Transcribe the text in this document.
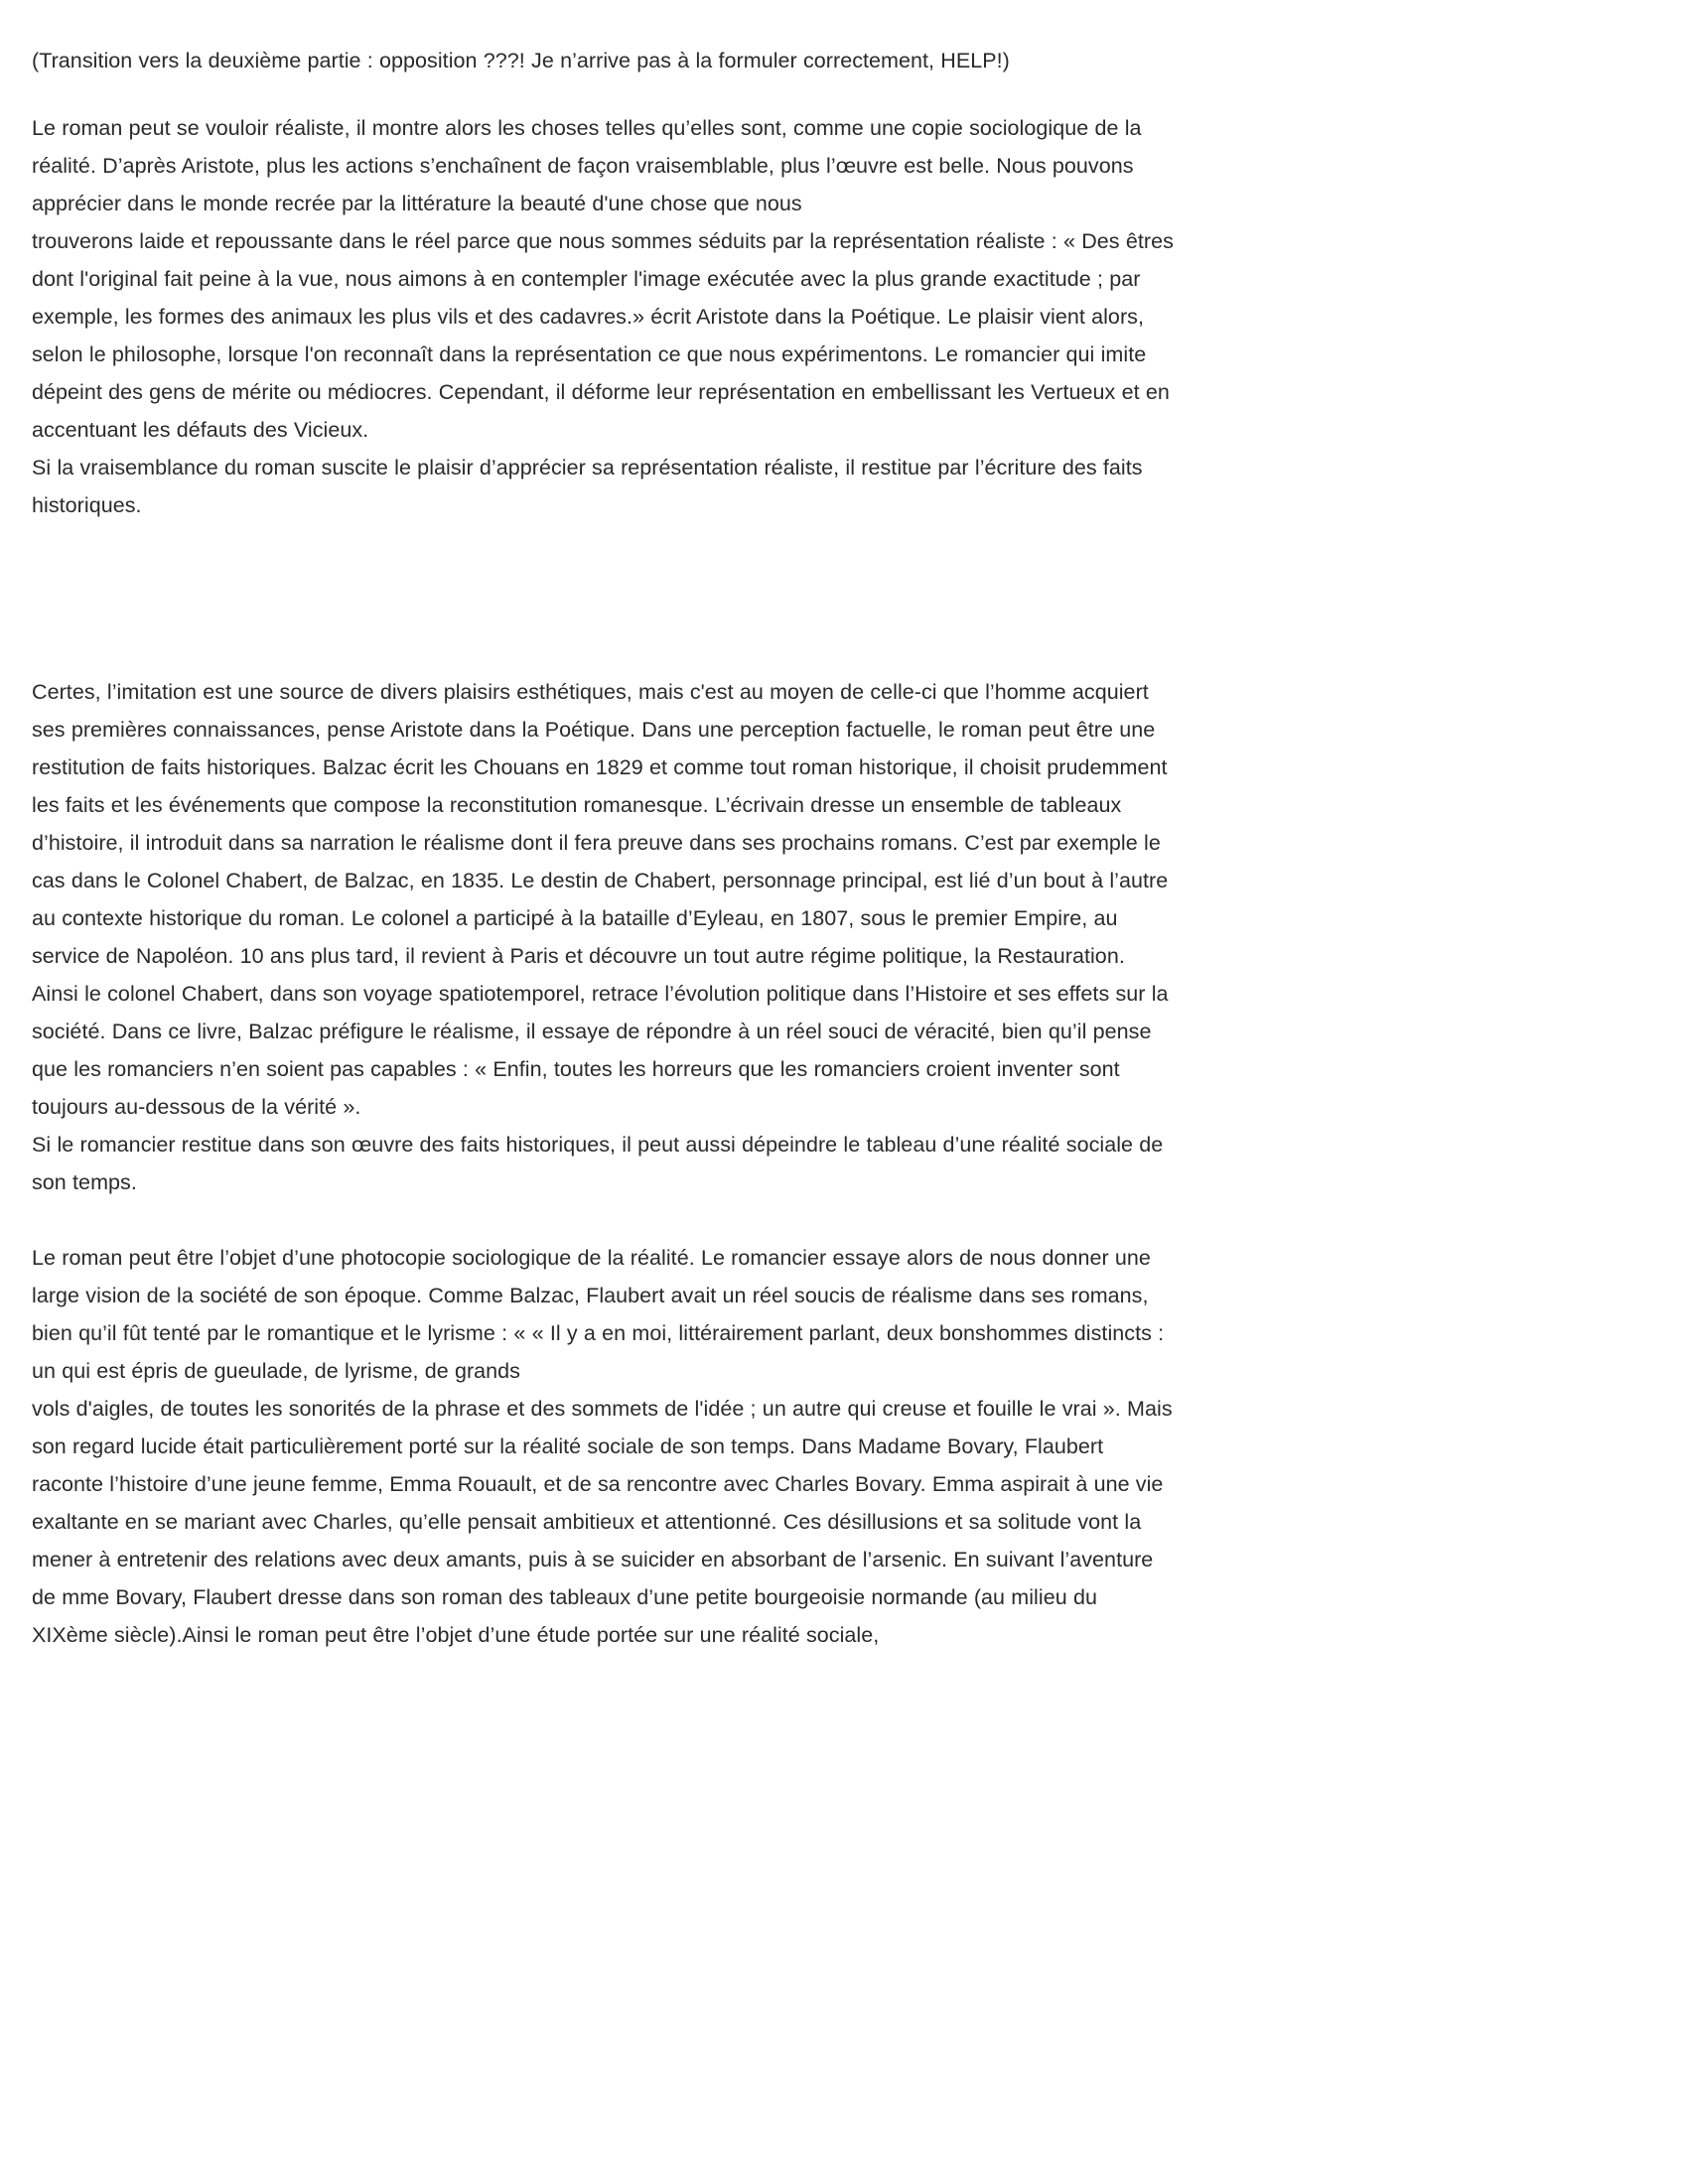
(Transition vers la deuxième partie : opposition ???! Je n’arrive pas à la formuler correctement, HELP!)

Le roman peut se vouloir réaliste, il montre alors les choses telles qu’elles sont, comme une copie sociologique de la réalité. D’après Aristote, plus les actions s’enchaînent de façon vraisemblable, plus l’œuvre est belle. Nous pouvons apprécier dans le monde recrée par la littérature la beauté d'une chose que nous

trouverons laide et repoussante dans le réel parce que nous sommes séduits par la représentation réaliste : « Des êtres dont l'original fait peine à la vue, nous aimons à en contempler l'image exécutée avec la plus grande exactitude ; par exemple, les formes des animaux les plus vils et des cadavres.» écrit Aristote dans la Poétique. Le plaisir vient alors, selon le philosophe, lorsque l'on reconnaît dans la représentation ce que nous expérimentons. Le romancier qui imite dépeint des gens de mérite ou médiocres. Cependant, il déforme leur représentation en embellissant les Vertueux et en accentuant les défauts des Vicieux.

Si la vraisemblance du roman suscite le plaisir d’apprécier sa représentation réaliste, il restitue par l’écriture des faits historiques.

Certes, l’imitation est une source de divers plaisirs esthétiques, mais c'est au moyen de celle-ci que l’homme acquiert ses premières connaissances, pense Aristote dans la Poétique. Dans une perception factuelle, le roman peut être une restitution de faits historiques. Balzac écrit les Chouans en 1829 et comme tout roman historique, il choisit prudemment les faits et les événements que compose la reconstitution romanesque. L’écrivain dresse un ensemble de tableaux d’histoire, il introduit dans sa narration le réalisme dont il fera preuve dans ses prochains romans. C’est par exemple le cas dans le Colonel Chabert, de Balzac, en 1835. Le destin de Chabert, personnage principal, est lié d’un bout à l’autre au contexte historique du roman. Le colonel a participé à la bataille d’Eyleau, en 1807, sous le premier Empire, au service de Napoléon. 10 ans plus tard, il revient à Paris et découvre un tout autre régime politique, la Restauration. Ainsi le colonel Chabert, dans son voyage spatiotemporel, retrace l’évolution politique dans l’Histoire et ses effets sur la société. Dans ce livre, Balzac préfigure le réalisme, il essaye de répondre à un réel souci de véracité, bien qu’il pense que les romanciers n’en soient pas capables : « Enfin, toutes les horreurs que les romanciers croient inventer sont toujours au-dessous de la vérité ».

Si le romancier restitue dans son œuvre des faits historiques, il peut aussi dépeindre le tableau d’une réalité sociale de son temps.

Le roman peut être l’objet d’une photocopie sociologique de la réalité. Le romancier essaye alors de nous donner une large vision de la société de son époque. Comme Balzac, Flaubert avait un réel soucis de réalisme dans ses romans, bien qu’il fût tenté par le romantique et le lyrisme : « « Il y a en moi, littérairement parlant, deux bonshommes distincts : un qui est épris de gueulade, de lyrisme, de grands

vols d'aigles, de toutes les sonorités de la phrase et des sommets de l'idée ; un autre qui creuse et fouille le vrai ». Mais son regard lucide était particulièrement porté sur la réalité sociale de son temps. Dans Madame Bovary, Flaubert raconte l’histoire d’une jeune femme, Emma Rouault, et de sa rencontre avec Charles Bovary. Emma aspirait à une vie exaltante en se mariant avec Charles, qu’elle pensait ambitieux et attentionné. Ces désillusions et sa solitude vont la mener à entretenir des relations avec deux amants, puis à se suicider en absorbant de l’arsenic. En suivant l’aventure de mme Bovary, Flaubert dresse dans son roman des tableaux d’une petite bourgeoisie normande (au milieu du XIXème siècle).Ainsi le roman peut être l’objet d’une étude portée sur une réalité sociale,
